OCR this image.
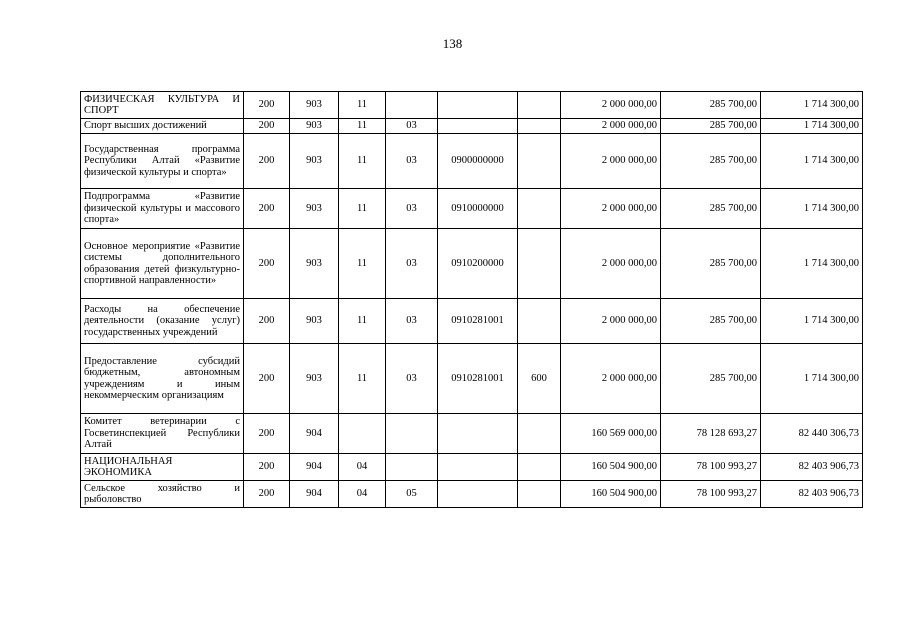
138
ФИЗИЧЕСКАЯ КУЛЬТУРА И СПОРТ	200	903	11				2 000 000,00	285 700,00	1 714 300,00
Спорт высших достижений	200	903	11	03			2 000 000,00	285 700,00	1 714 300,00
Государственная программа Республики Алтай «Развитие физической культуры и спорта»	200	903	11	03	0900000000		2 000 000,00	285 700,00	1 714 300,00
Подпрограмма «Развитие физической культуры и массового спорта»	200	903	11	03	0910000000		2 000 000,00	285 700,00	1 714 300,00
Основное мероприятие «Развитие системы дополнительного образования детей физкультурно-спортивной направленности»	200	903	11	03	0910200000		2 000 000,00	285 700,00	1 714 300,00
Расходы на обеспечение деятельности (оказание услуг) государственных учреждений	200	903	11	03	0910281001		2 000 000,00	285 700,00	1 714 300,00
Предоставление субсидий бюджетным, автономным учреждениям и иным некоммерческим организациям	200	903	11	03	0910281001	600	2 000 000,00	285 700,00	1 714 300,00
Комитет ветеринарии с Госветинспекцией Республики Алтай	200	904					160 569 000,00	78 128 693,27	82 440 306,73
НАЦИОНАЛЬНАЯ ЭКОНОМИКА	200	904	04				160 504 900,00	78 100 993,27	82 403 906,73
Сельское хозяйство и рыболовство	200	904	04	05			160 504 900,00	78 100 993,27	82 403 906,73
